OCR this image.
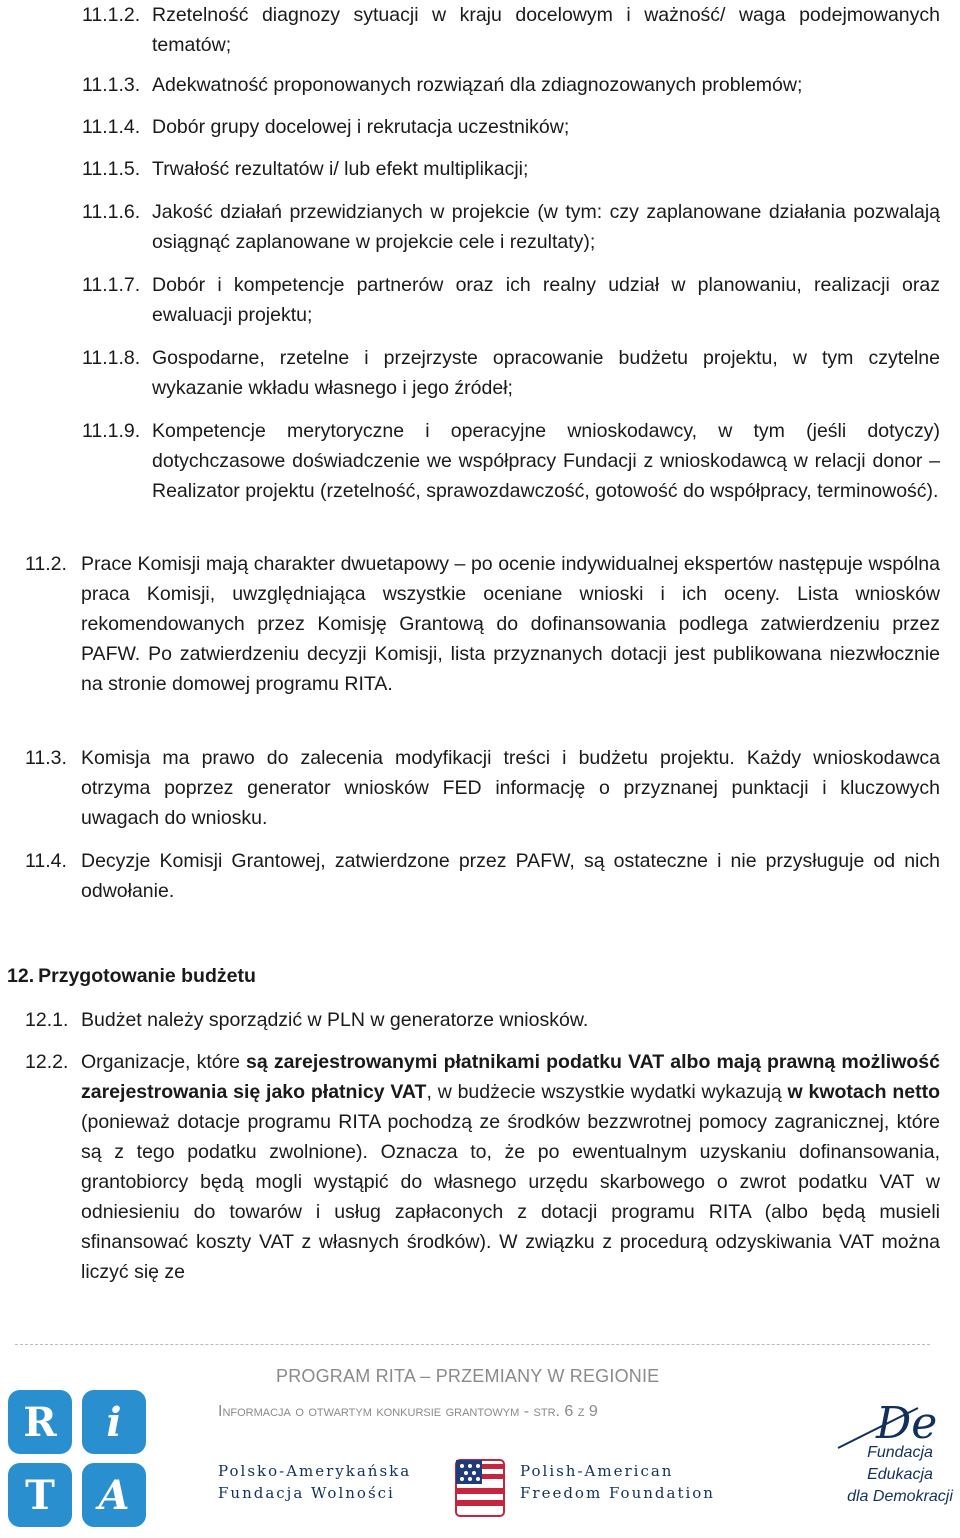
11.1.2. Rzetelność diagnozy sytuacji w kraju docelowym i ważność/ waga podejmowanych tematów;
11.1.3. Adekwatność proponowanych rozwiązań dla zdiagnozowanych problemów;
11.1.4. Dobór grupy docelowej i rekrutacja uczestników;
11.1.5. Trwałość rezultatów i/ lub efekt multiplikacji;
11.1.6. Jakość działań przewidzianych w projekcie (w tym: czy zaplanowane działania pozwalają osiągnąć zaplanowane w projekcie cele i rezultaty);
11.1.7. Dobór i kompetencje partnerów oraz ich realny udział w planowaniu, realizacji oraz ewaluacji projektu;
11.1.8. Gospodarne, rzetelne i przejrzyste opracowanie budżetu projektu, w tym czytelne wykazanie wkładu własnego i jego źródeł;
11.1.9. Kompetencje merytoryczne i operacyjne wnioskodawcy, w tym (jeśli dotyczy) dotychczasowe doświadczenie we współpracy Fundacji z wnioskodawcą w relacji donor – Realizator projektu (rzetelność, sprawozdawczość, gotowość do współpracy, terminowość).
11.2. Prace Komisji mają charakter dwuetapowy – po ocenie indywidualnej ekspertów następuje wspólna praca Komisji, uwzględniająca wszystkie oceniane wnioski i ich oceny. Lista wniosków rekomendowanych przez Komisję Grantową do dofinansowania podlega zatwierdzeniu przez PAFW. Po zatwierdzeniu decyzji Komisji, lista przyznanych dotacji jest publikowana niezwłocznie na stronie domowej programu RITA.
11.3. Komisja ma prawo do zalecenia modyfikacji treści i budżetu projektu. Każdy wnioskodawca otrzyma poprzez generator wniosków FED informację o przyznanej punktacji i kluczowych uwagach do wniosku.
11.4. Decyzje Komisji Grantowej, zatwierdzone przez PAFW, są ostateczne i nie przysługuje od nich odwołanie.
12. Przygotowanie budżetu
12.1. Budżet należy sporządzić w PLN w generatorze wniosków.
12.2. Organizacje, które są zarejestrowanymi płatnikami podatku VAT albo mają prawną możliwość zarejestrowania się jako płatnicy VAT, w budżecie wszystkie wydatki wykazują w kwotach netto (ponieważ dotacje programu RITA pochodzą ze środków bezzwrotnej pomocy zagranicznej, które są z tego podatku zwolnione). Oznacza to, że po ewentualnym uzyskaniu dofinansowania, grantobiorcy będą mogli wystąpić do własnego urzędu skarbowego o zwrot podatku VAT w odniesieniu do towarów i usług zapłaconych z dotacji programu RITA (albo będą musieli sfinansować koszty VAT z własnych środków). W związku z procedurą odzyskiwania VAT można liczyć się ze
PROGRAM RITA – PRZEMIANY W REGIONIE
Informacja o otwartym konkursie grantowym - str. 6 z 9
R	i
T	A
Polsko-Amerykańska
Fundacja Wolności
Polish-American
Freedom Foundation
De
Fundacja Edukacja
dla Demokracji
